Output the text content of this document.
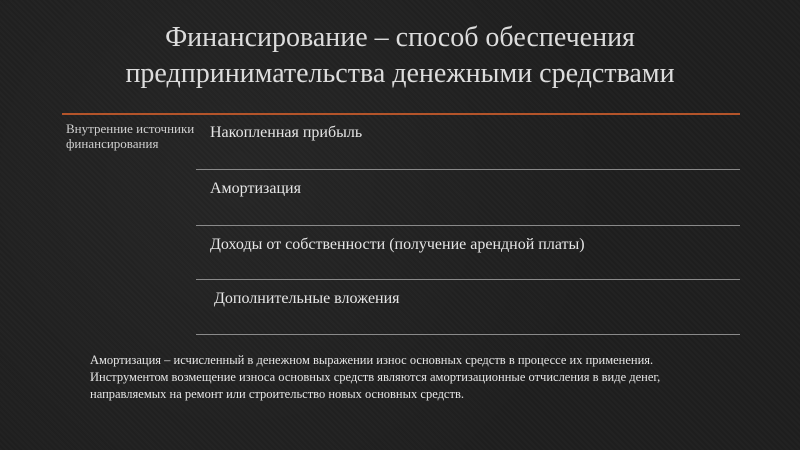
Финансирование – способ обеспечения
предпринимательства денежными средствами
Внутренние источники финансирования
Накопленная прибыль
Амортизация
Доходы от собственности (получение арендной платы)
Дополнительные вложения
Амортизация – исчисленный в денежном выражении износ основных средств в процессе их применения. Инструментом возмещение износа основных средств являются амортизационные отчисления в виде денег, направляемых на ремонт или строительство новых основных средств.
